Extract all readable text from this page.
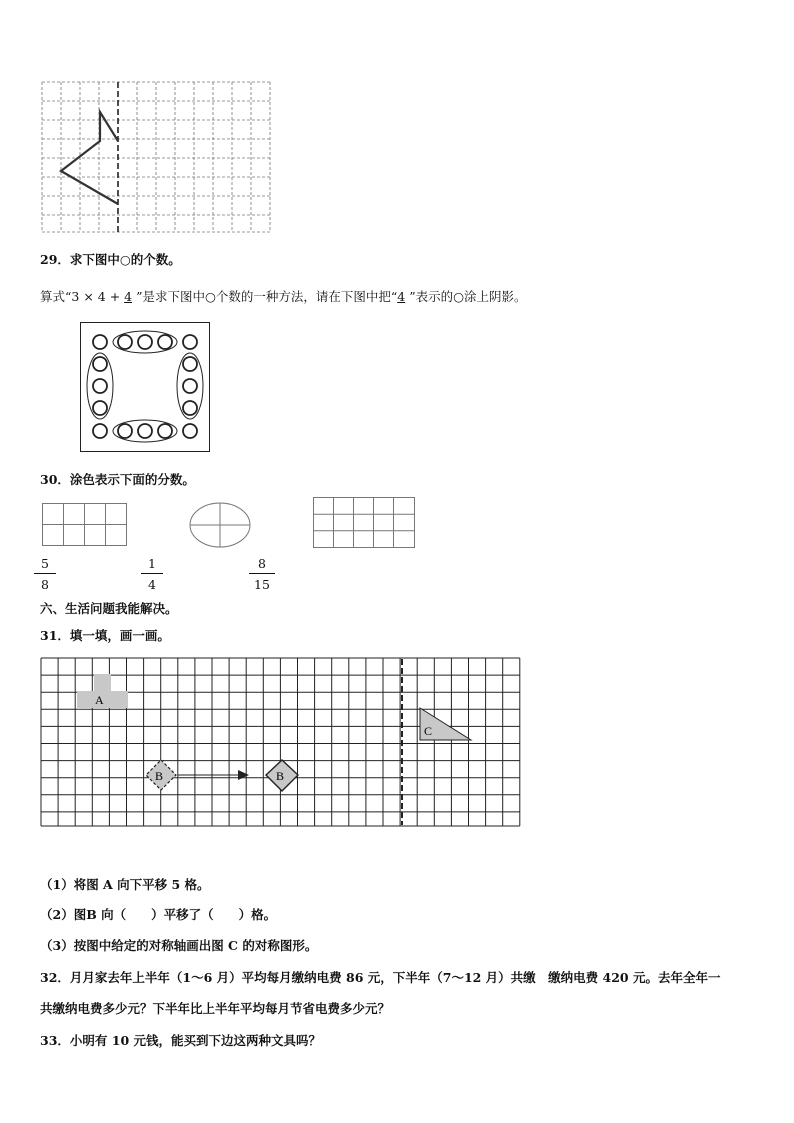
29．求下图中○的个数。
算式“3 × 4 + 4 ”是求下图中○个数的一种方法，请在下图中把“4 ”表示的○涂上阴影。
30．涂色表示下面的分数。
5
8
1
4
8
15
六、生活问题我能解决。
31．填一填，画一画。
A
B	B
C
（1）将图 A 向下平移 5 格。
（2）图B 向（　　）平移了（　　）格。
（3）按图中给定的对称轴画出图 C 的对称图形。
32．月月家去年上半年（1～6 月）平均每月缴纳电费 86 元，下半年（7～12 月）共缴　缴纳电费 420 元。去年全年一
共缴纳电费多少元？下半年比上半年平均每月节省电费多少元？
33．小明有 10 元钱，能买到下边这两种文具吗？
